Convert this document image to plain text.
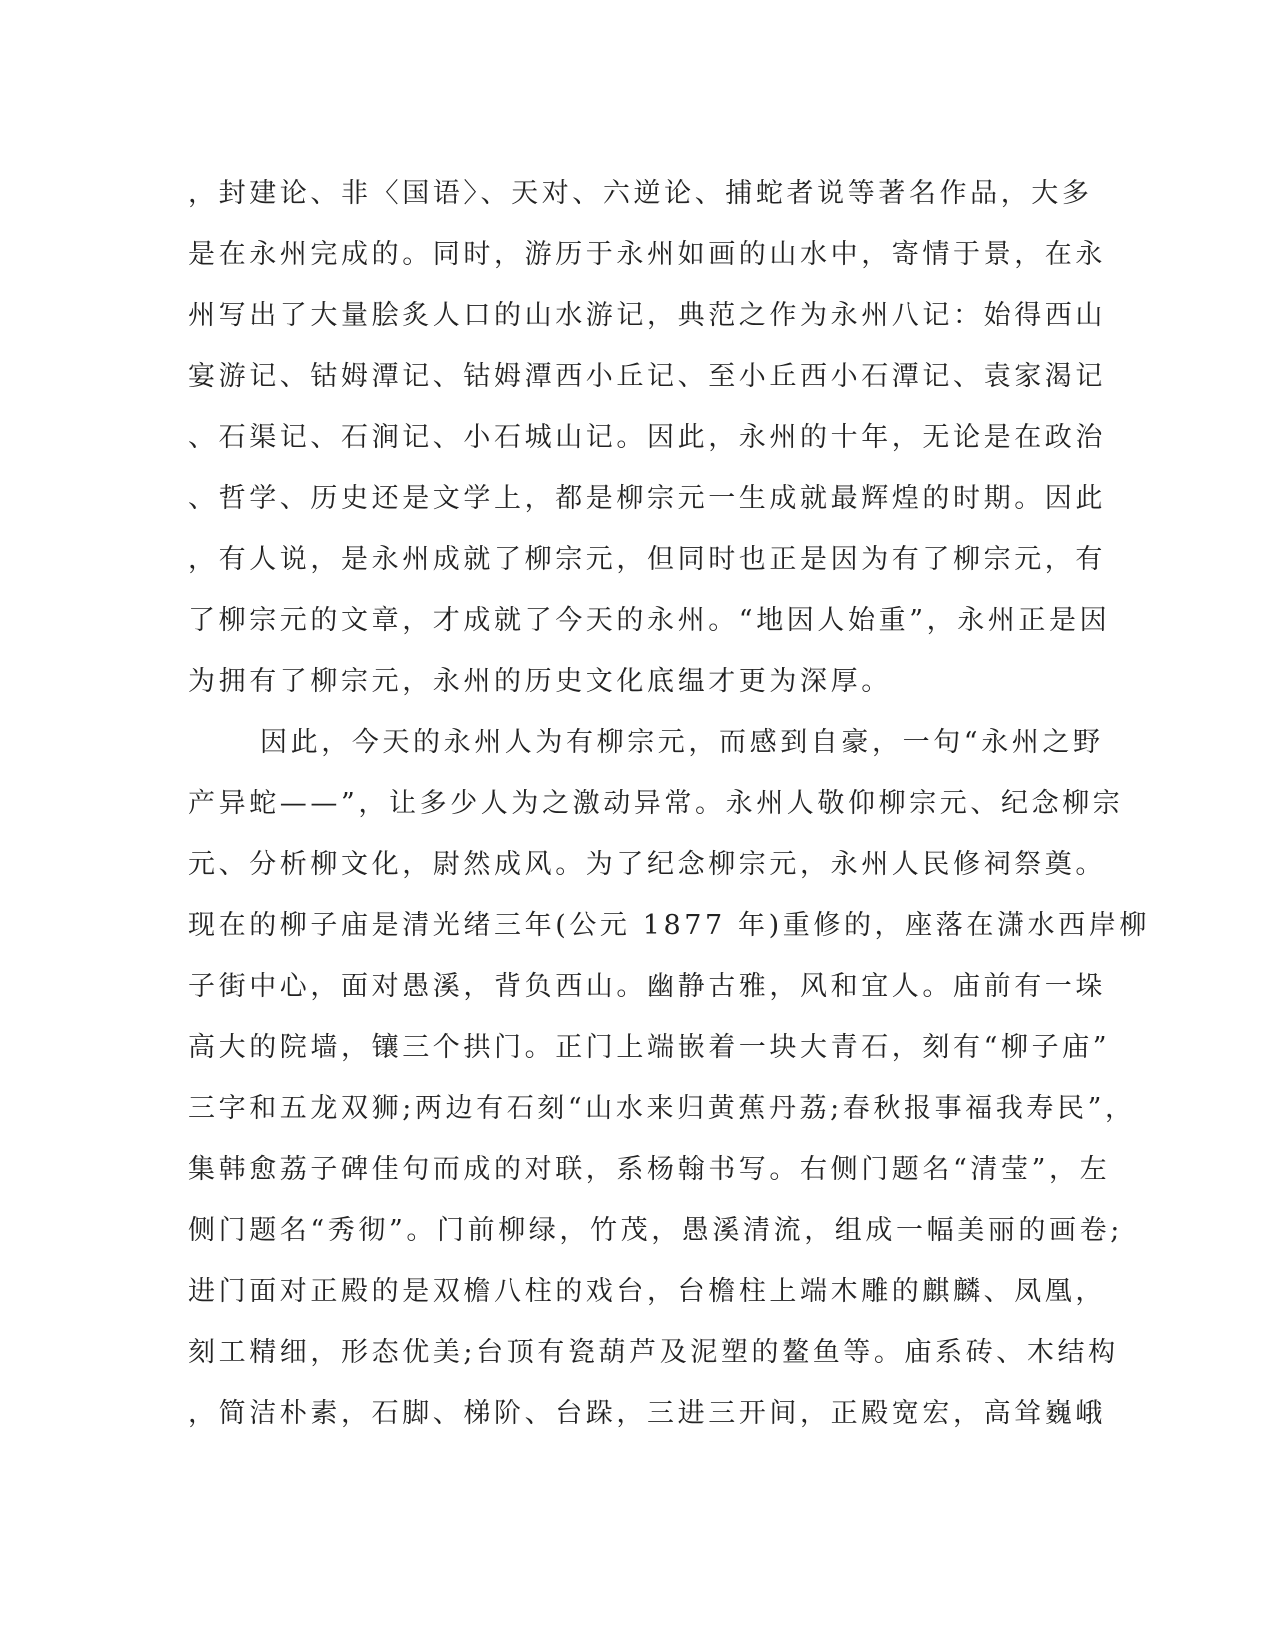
，封建论、非〈国语〉、天对、六逆论、捕蛇者说等著名作品，大多
是在永州完成的。同时，游历于永州如画的山水中，寄情于景，在永
州写出了大量脍炙人口的山水游记，典范之作为永州八记：始得西山
宴游记、钴姆潭记、钴姆潭西小丘记、至小丘西小石潭记、袁家渴记
、石渠记、石涧记、小石城山记。因此，永州的十年，无论是在政治
、哲学、历史还是文学上，都是柳宗元一生成就最辉煌的时期。因此
，有人说，是永州成就了柳宗元，但同时也正是因为有了柳宗元，有
了柳宗元的文章，才成就了今天的永州。“地因人始重”，永州正是因
为拥有了柳宗元，永州的历史文化底缊才更为深厚。
因此，今天的永州人为有柳宗元，而感到自豪，一句“永州之野
产异蛇——”，让多少人为之激动异常。永州人敬仰柳宗元、纪念柳宗
元、分析柳文化，尉然成风。为了纪念柳宗元，永州人民修祠祭奠。
现在的柳子庙是清光绪三年(公元 1877 年)重修的，座落在潇水西岸柳
子街中心，面对愚溪，背负西山。幽静古雅，风和宜人。庙前有一垛
高大的院墙，镶三个拱门。正门上端嵌着一块大青石，刻有“柳子庙”
三字和五龙双狮;两边有石刻“山水来归黄蕉丹荔;春秋报事福我寿民”，
集韩愈荔子碑佳句而成的对联，系杨翰书写。右侧门题名“清莹”，左
侧门题名“秀彻”。门前柳绿，竹茂，愚溪清流，组成一幅美丽的画卷;
进门面对正殿的是双檐八柱的戏台，台檐柱上端木雕的麒麟、凤凰，
刻工精细，形态优美;台顶有瓷葫芦及泥塑的鳌鱼等。庙系砖、木结构
，简洁朴素，石脚、梯阶、台跺，三进三开间，正殿宽宏，高耸巍峨
